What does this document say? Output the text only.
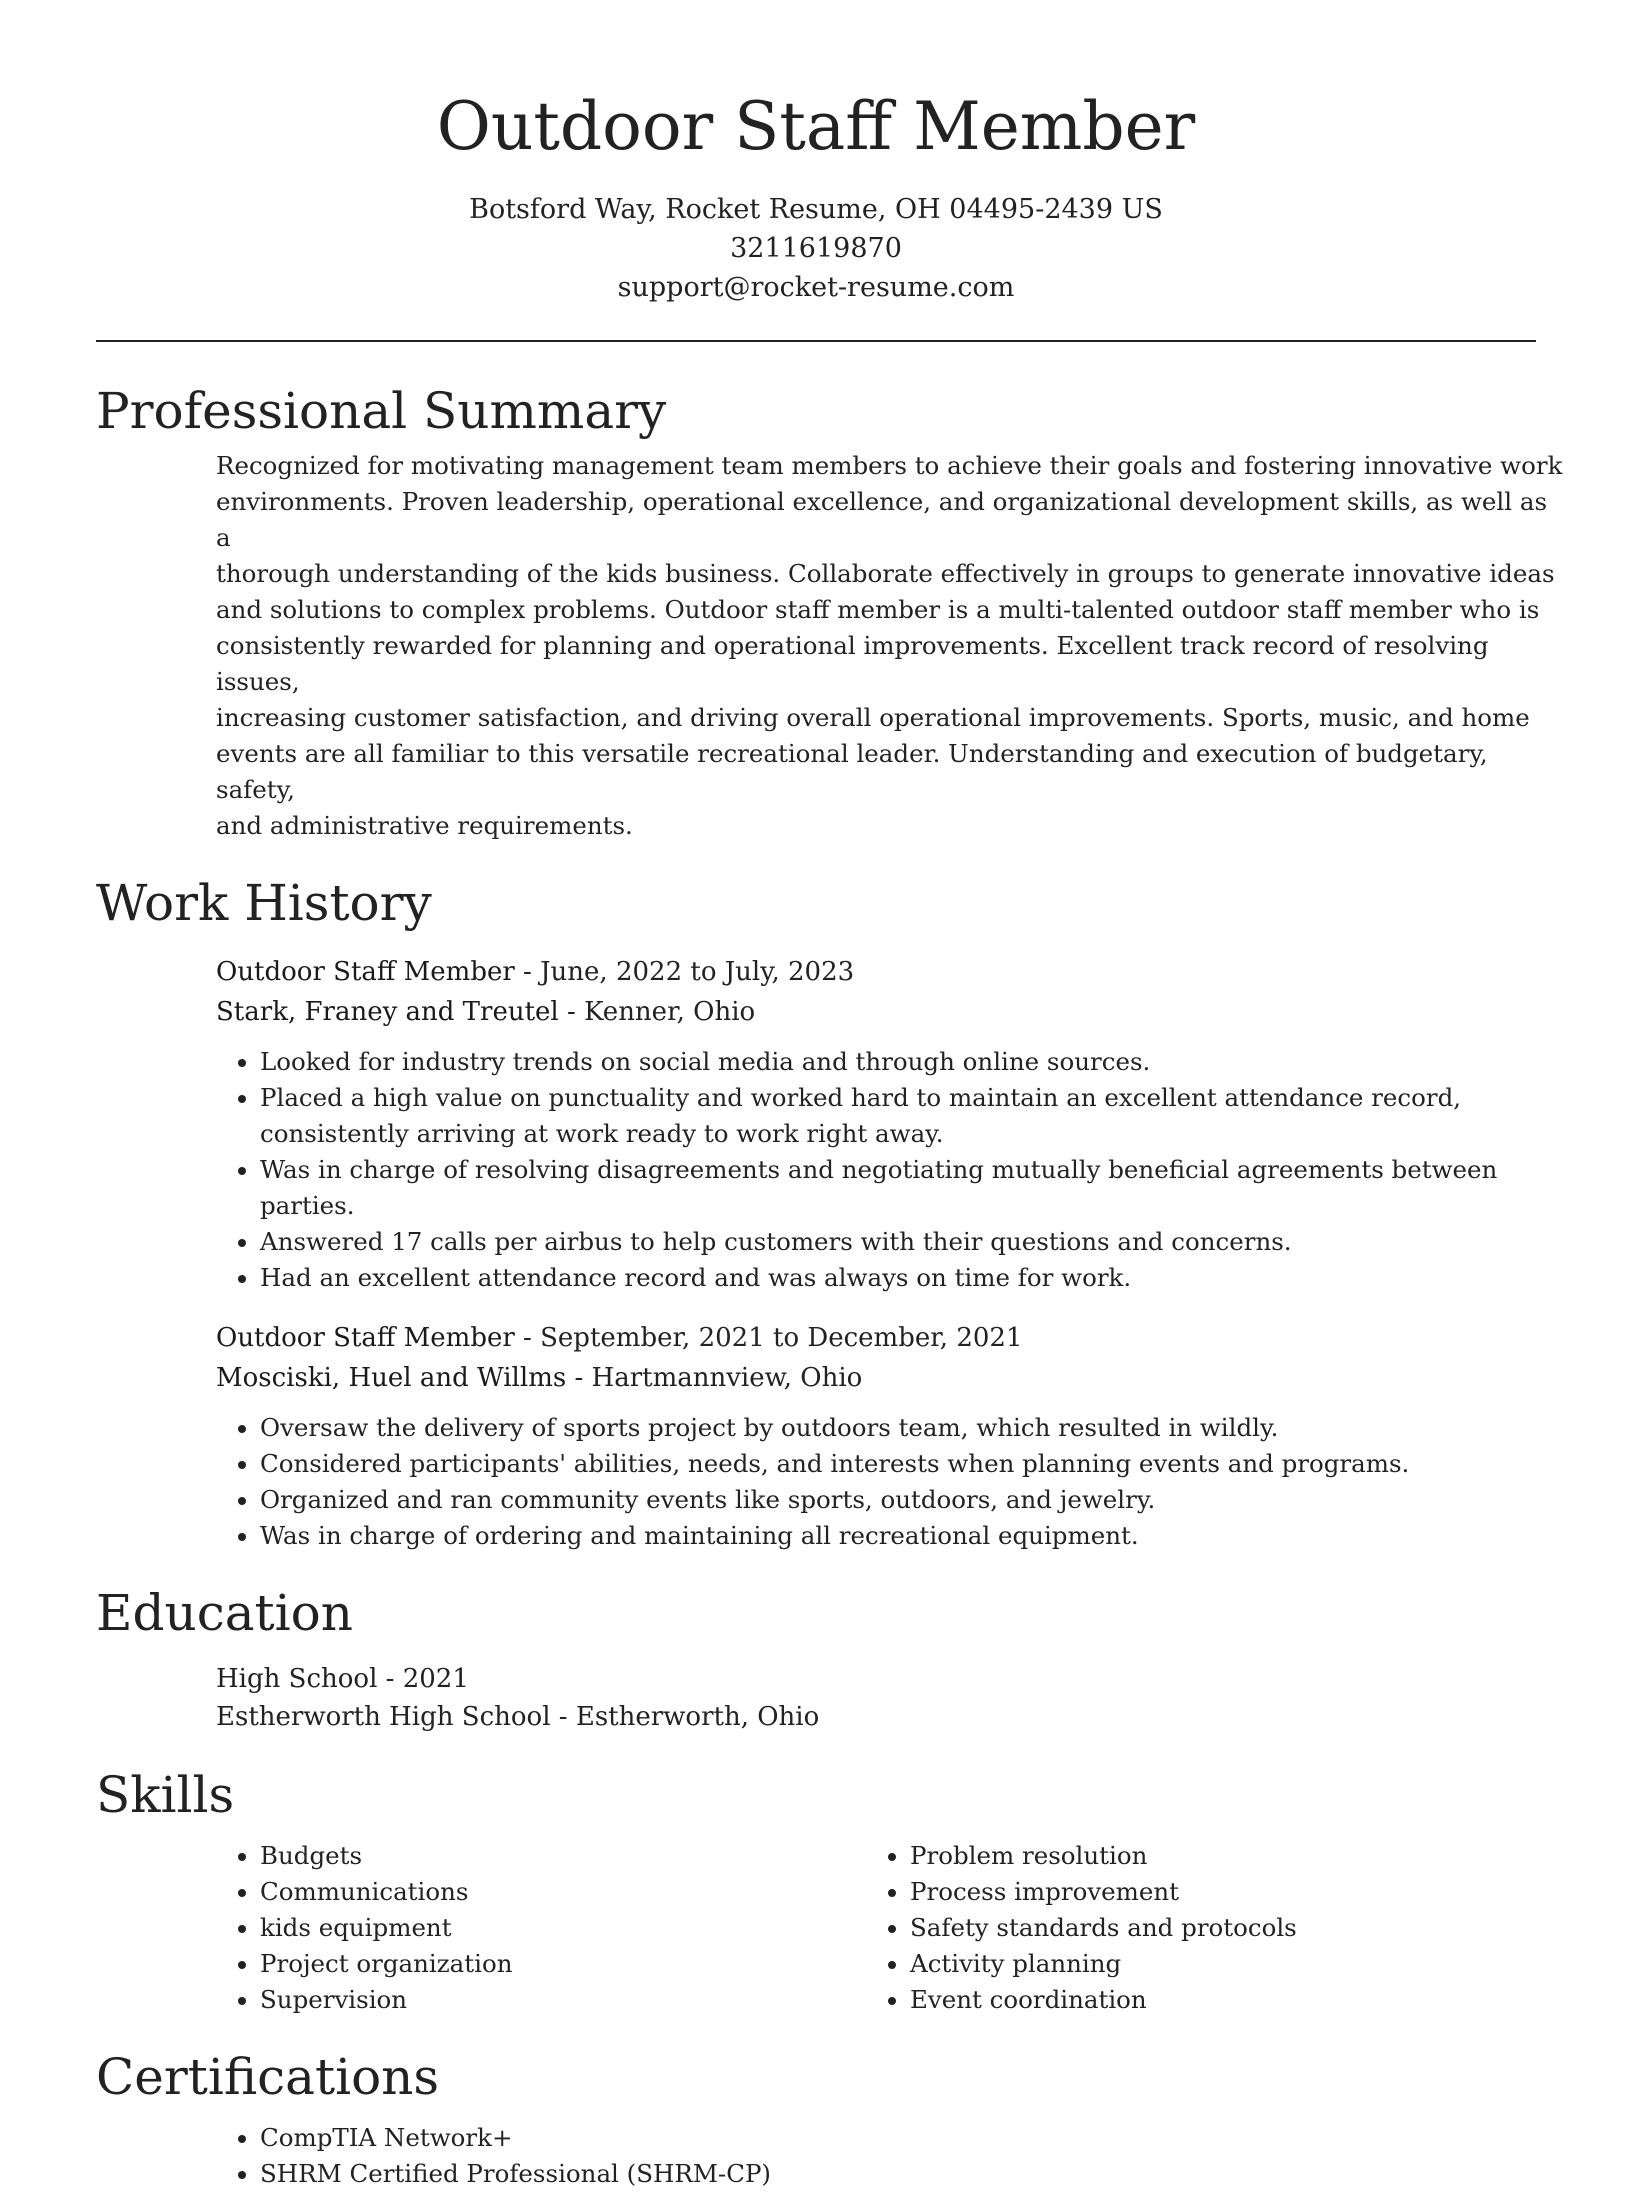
Outdoor Staff Member
Botsford Way, Rocket Resume, OH 04495-2439 US
3211619870
support@rocket-resume.com
Professional Summary

Recognized for motivating management team members to achieve their goals and fostering innovative work
environments. Proven leadership, operational excellence, and organizational development skills, as well as a
thorough understanding of the kids business. Collaborate effectively in groups to generate innovative ideas
and solutions to complex problems. Outdoor staff member is a multi-talented outdoor staff member who is
consistently rewarded for planning and operational improvements. Excellent track record of resolving issues,
increasing customer satisfaction, and driving overall operational improvements. Sports, music, and home
events are all familiar to this versatile recreational leader. Understanding and execution of budgetary, safety,
and administrative requirements.

Work History
Outdoor Staff Member - June, 2022 to July, 2023
Stark, Franey and Treutel - Kenner, Ohio
• Looked for industry trends on social media and through online sources.
• Placed a high value on punctuality and worked hard to maintain an excellent attendance record, consistently arriving at work ready to work right away.
• Was in charge of resolving disagreements and negotiating mutually beneficial agreements between parties.
• Answered 17 calls per airbus to help customers with their questions and concerns.
• Had an excellent attendance record and was always on time for work.
Outdoor Staff Member - September, 2021 to December, 2021
Mosciski, Huel and Willms - Hartmannview, Ohio
• Oversaw the delivery of sports project by outdoors team, which resulted in wildly.
• Considered participants' abilities, needs, and interests when planning events and programs.
• Organized and ran community events like sports, outdoors, and jewelry.
• Was in charge of ordering and maintaining all recreational equipment.
Education
High School - 2021
Estherworth High School - Estherworth, Ohio
Skills
• Budgets
• Communications
• kids equipment
• Project organization
• Supervision
• Problem resolution
• Process improvement
• Safety standards and protocols
• Activity planning
• Event coordination
Certifications
• CompTIA Network+
• SHRM Certified Professional (SHRM-CP)
